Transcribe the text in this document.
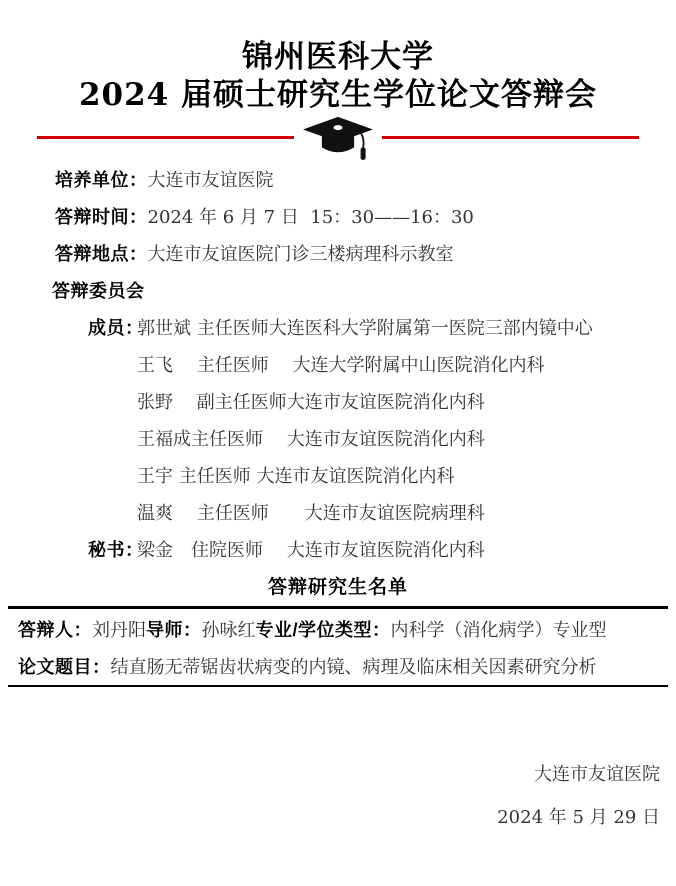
锦州医科大学
2024 届硕士研究生学位论文答辩会
培养单位： 大连市友谊医院
答辩时间： 2024 年 6 月 7 日  15：30——16：30
答辩地点： 大连市友谊医院门诊三楼病理科示教室
答辩委员会
成员：
郭世斌 主任医师大连医科大学附属第一医院三部内镜中心
王飞　 主任医师　 大连大学附属中山医院消化内科
张野　 副主任医师大连市友谊医院消化内科
王福成主任医师　 大连市友谊医院消化内科
王宇 主任医师 大连市友谊医院消化内科
温爽　 主任医师　　大连市友谊医院病理科
秘书：
梁金　住院医师　 大连市友谊医院消化内科
答辩研究生名单
答辩人： 刘丹阳 导师： 孙咏红 专业/学位类型： 内科学（消化病学）专业型
论文题目： 结直肠无蒂锯齿状病变的内镜、病理及临床相关因素研究分析
大连市友谊医院
2024 年 5 月 29 日
